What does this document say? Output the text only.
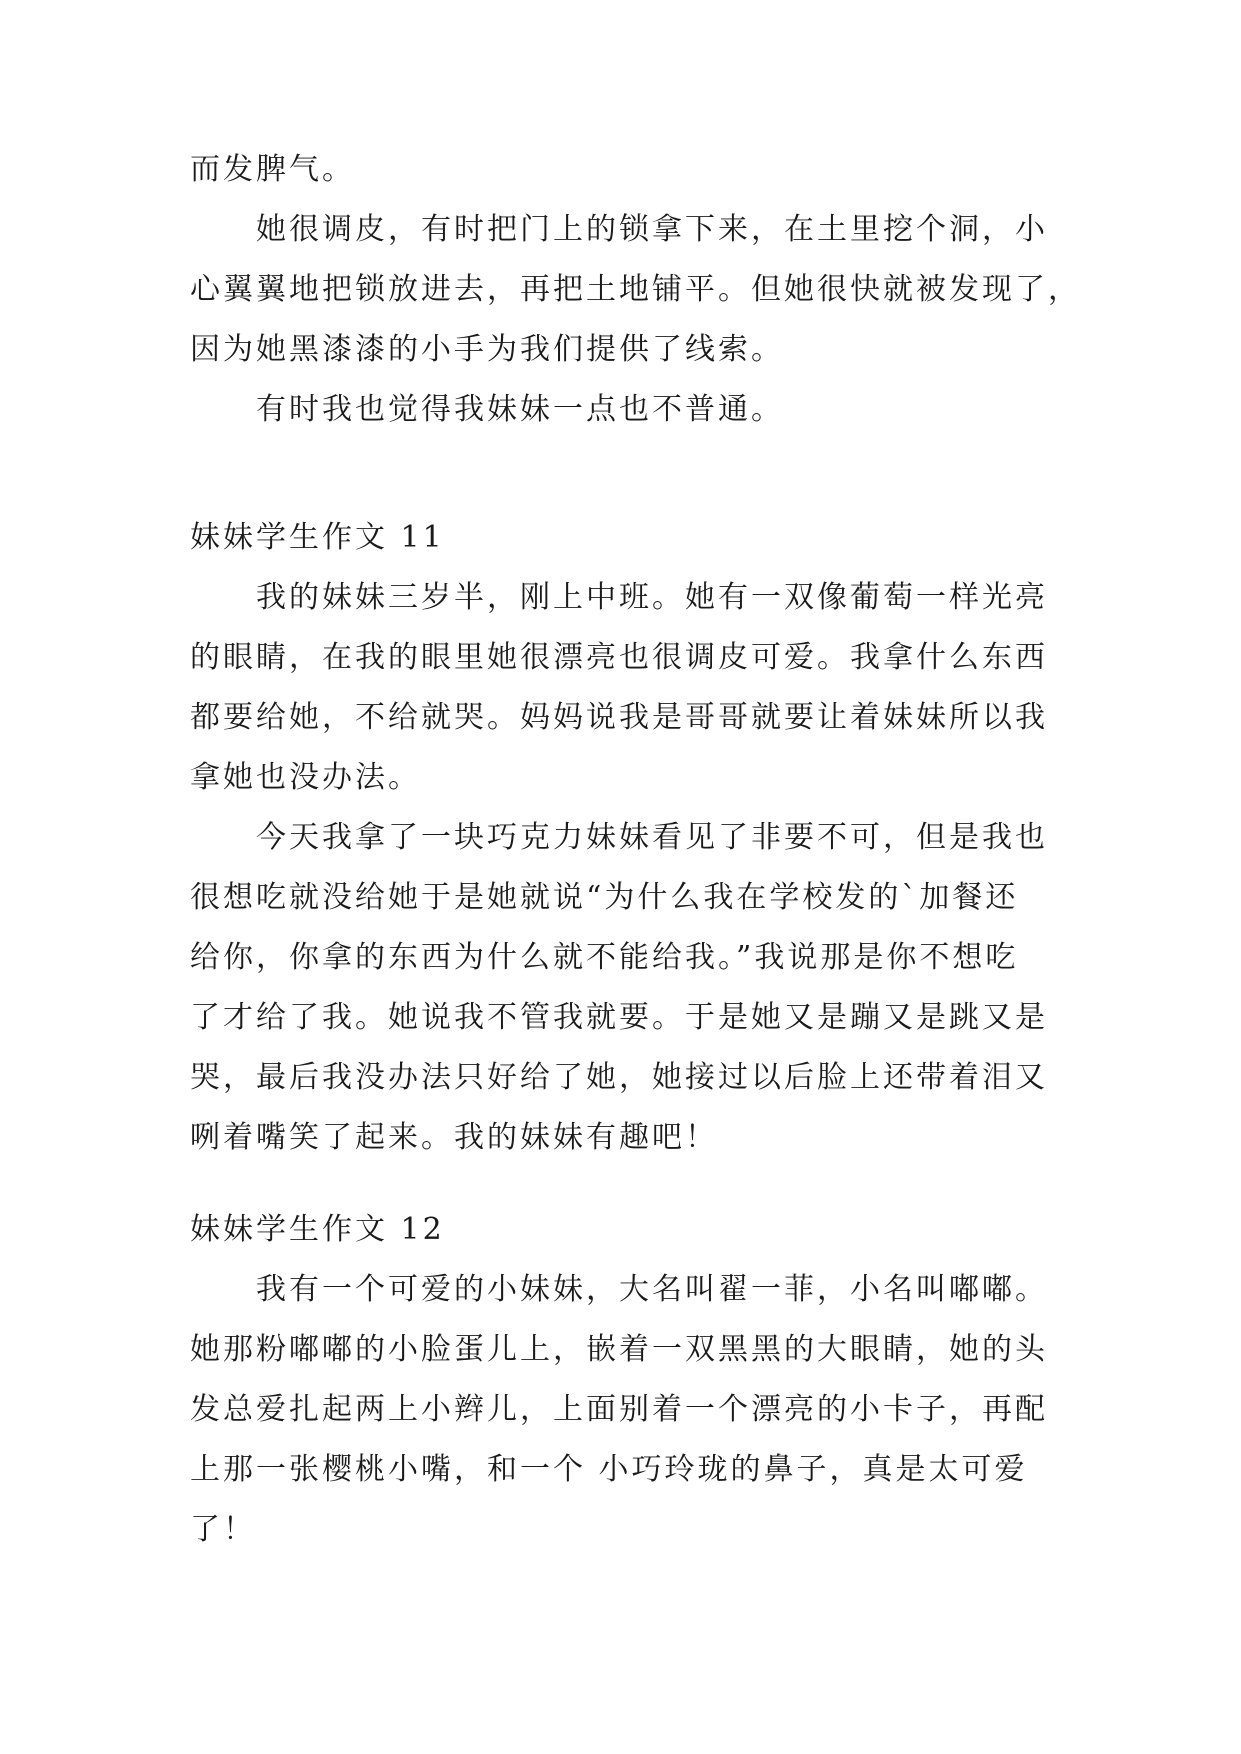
而发脾气。
她很调皮，有时把门上的锁拿下来，在土里挖个洞，小
心翼翼地把锁放进去，再把土地铺平。但她很快就被发现了，
因为她黑漆漆的小手为我们提供了线索。
有时我也觉得我妹妹一点也不普通。
妹妹学生作文 11
我的妹妹三岁半，刚上中班。她有一双像葡萄一样光亮
的眼睛，在我的眼里她很漂亮也很调皮可爱。我拿什么东西
都要给她，不给就哭。妈妈说我是哥哥就要让着妹妹所以我
拿她也没办法。
今天我拿了一块巧克力妹妹看见了非要不可，但是我也
很想吃就没给她于是她就说“为什么我在学校发的`加餐还
给你，你拿的东西为什么就不能给我。”我说那是你不想吃
了才给了我。她说我不管我就要。于是她又是蹦又是跳又是
哭，最后我没办法只好给了她，她接过以后脸上还带着泪又
咧着嘴笑了起来。我的妹妹有趣吧！
妹妹学生作文 12
我有一个可爱的小妹妹，大名叫翟一菲，小名叫嘟嘟。
她那粉嘟嘟的小脸蛋儿上，嵌着一双黑黑的大眼睛，她的头
发总爱扎起两上小辫儿，上面别着一个漂亮的小卡子，再配
上那一张樱桃小嘴，和一个 小巧玲珑的鼻子，真是太可爱
了！
